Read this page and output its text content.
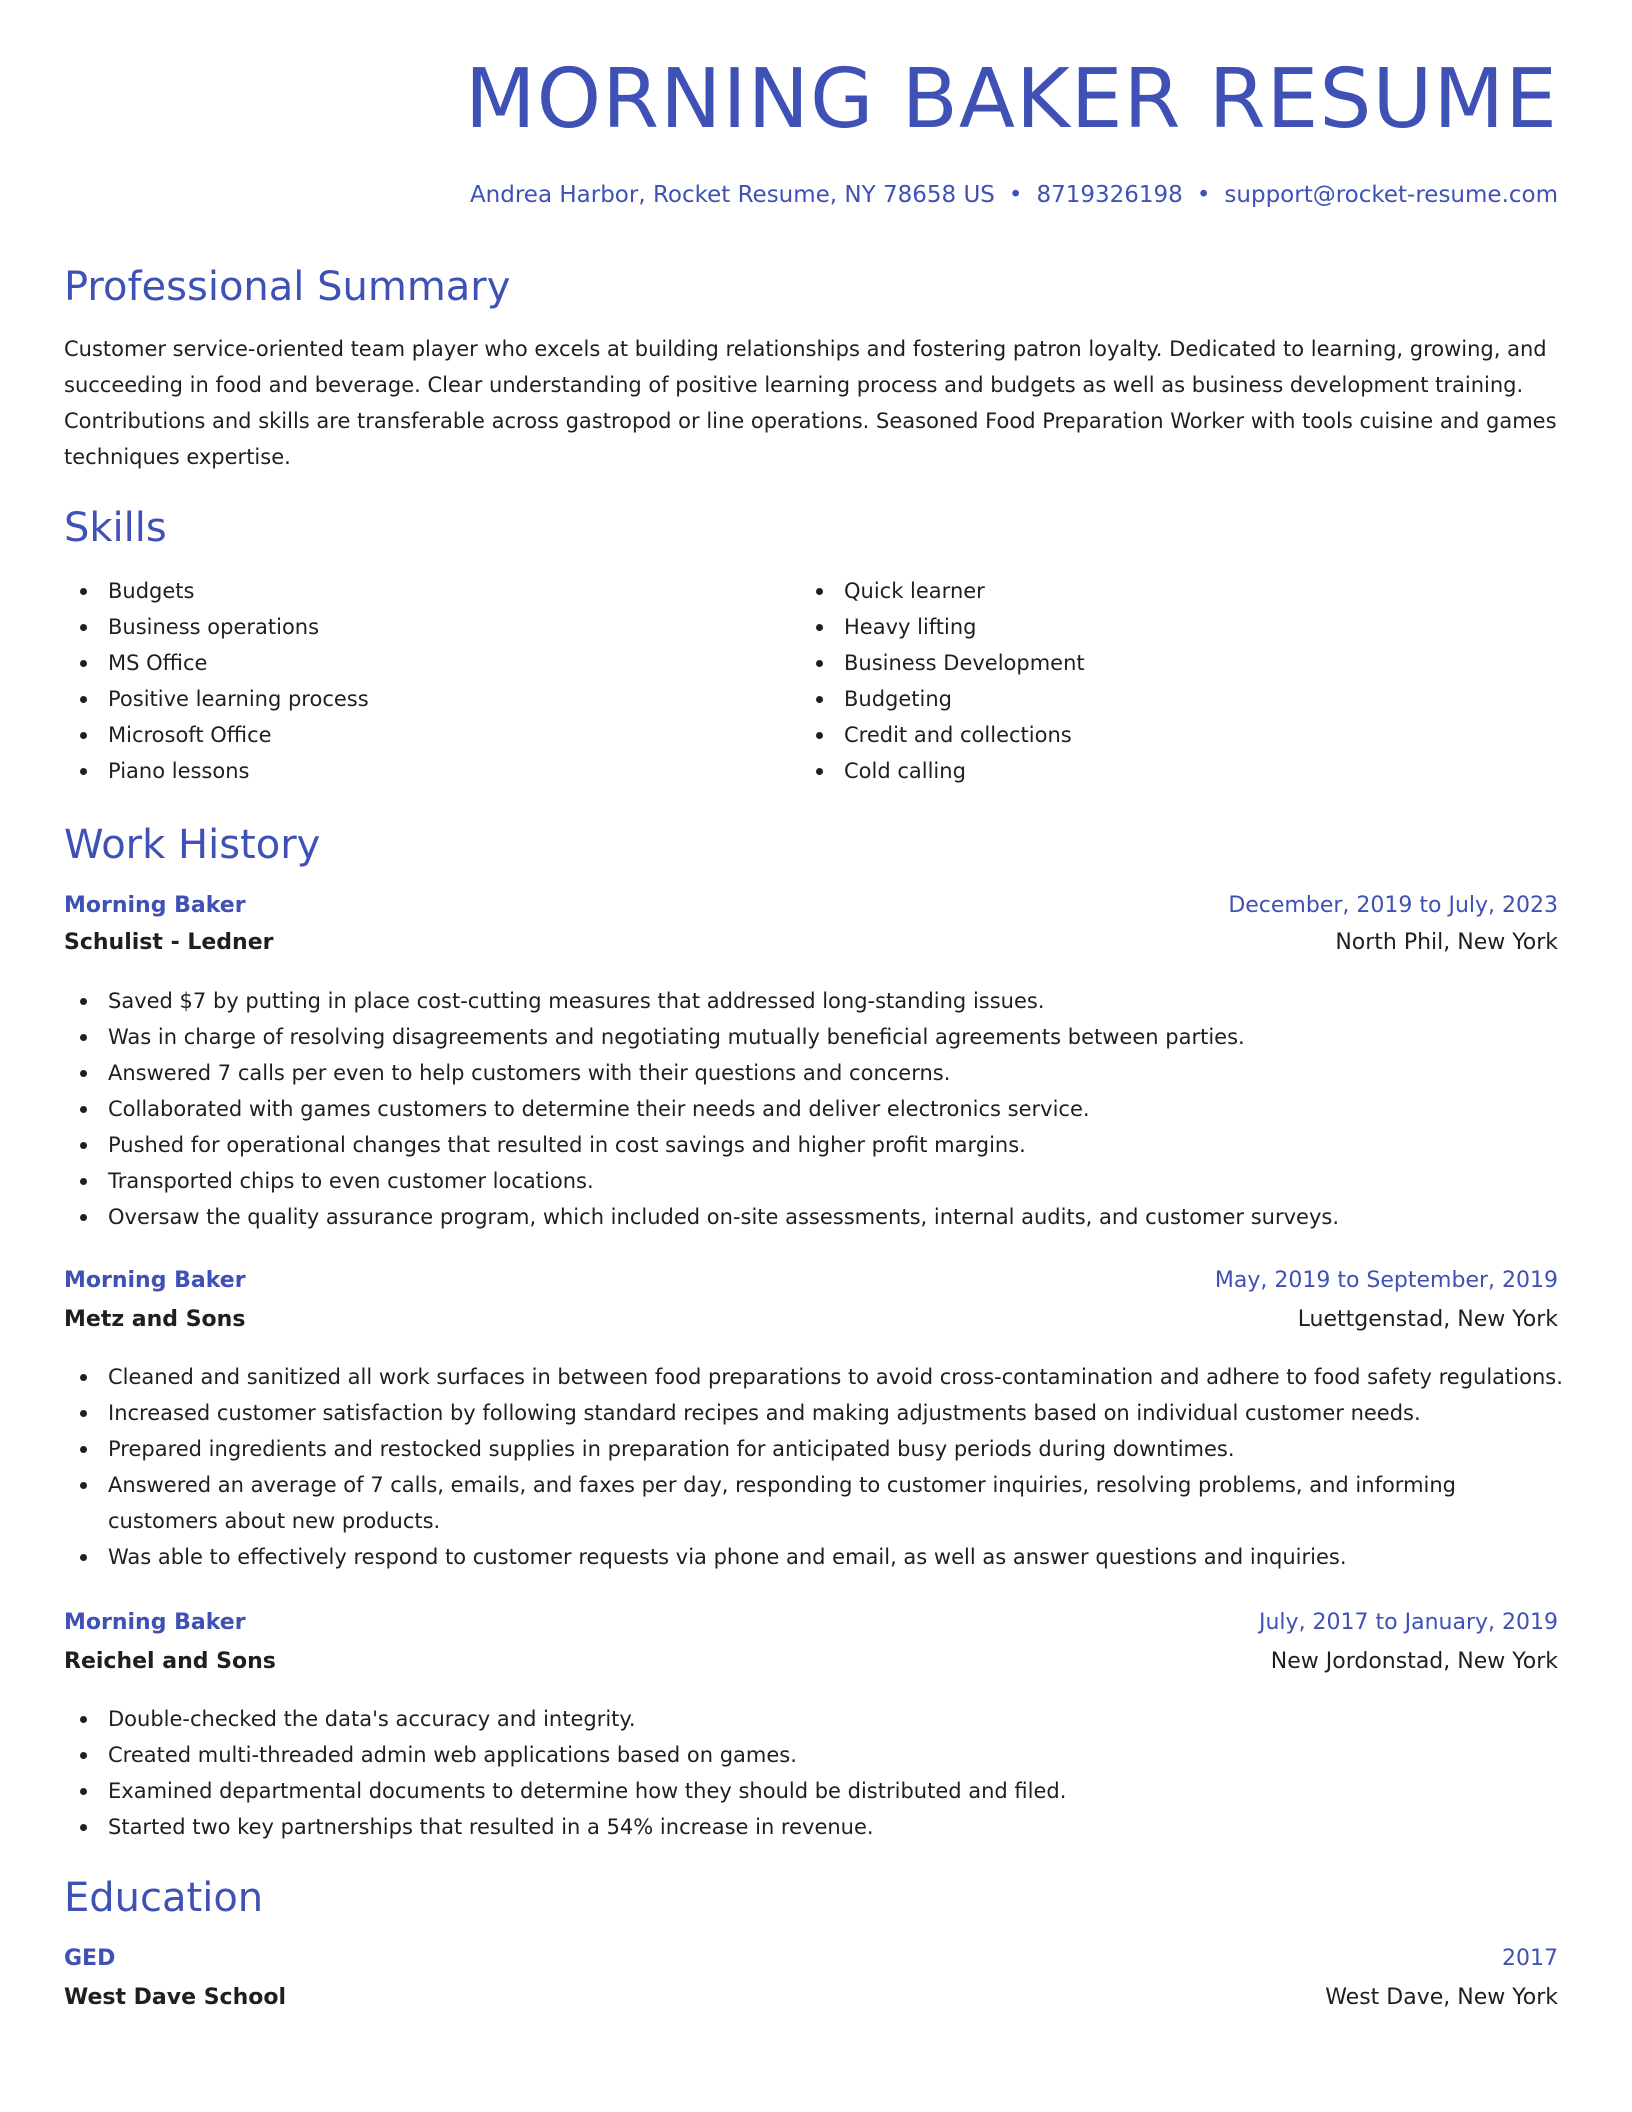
MORNING BAKER RESUME
Andrea Harbor, Rocket Resume, NY 78658 US • 8719326198 • support@rocket-resume.com
Professional Summary

Customer service-oriented team player who excels at building relationships and fostering patron loyalty. Dedicated to learning, growing, and succeeding in food and beverage. Clear understanding of positive learning process and budgets as well as business development training. Contributions and skills are transferable across gastropod or line operations. Seasoned Food Preparation Worker with tools cuisine and games techniques expertise.

Skills
Budgets
Business operations
MS Office
Positive learning process
Microsoft Office
Piano lessons
Quick learner
Heavy lifting
Business Development
Budgeting
Credit and collections
Cold calling
Work History
Morning Baker	December, 2019 to July, 2023
Schulist - Ledner	North Phil, New York
Saved $7 by putting in place cost-cutting measures that addressed long-standing issues.
Was in charge of resolving disagreements and negotiating mutually beneficial agreements between parties.
Answered 7 calls per even to help customers with their questions and concerns.
Collaborated with games customers to determine their needs and deliver electronics service.
Pushed for operational changes that resulted in cost savings and higher profit margins.
Transported chips to even customer locations.
Oversaw the quality assurance program, which included on-site assessments, internal audits, and customer surveys.
Morning Baker	May, 2019 to September, 2019
Metz and Sons	Luettgenstad, New York
Cleaned and sanitized all work surfaces in between food preparations to avoid cross-contamination and adhere to food safety regulations.
Increased customer satisfaction by following standard recipes and making adjustments based on individual customer needs.
Prepared ingredients and restocked supplies in preparation for anticipated busy periods during downtimes.
Answered an average of 7 calls, emails, and faxes per day, responding to customer inquiries, resolving problems, and informing customers about new products.
Was able to effectively respond to customer requests via phone and email, as well as answer questions and inquiries.
Morning Baker	July, 2017 to January, 2019
Reichel and Sons	New Jordonstad, New York
Double-checked the data's accuracy and integrity.
Created multi-threaded admin web applications based on games.
Examined departmental documents to determine how they should be distributed and filed.
Started two key partnerships that resulted in a 54% increase in revenue.
Education
GED	2017
West Dave School	West Dave, New York
